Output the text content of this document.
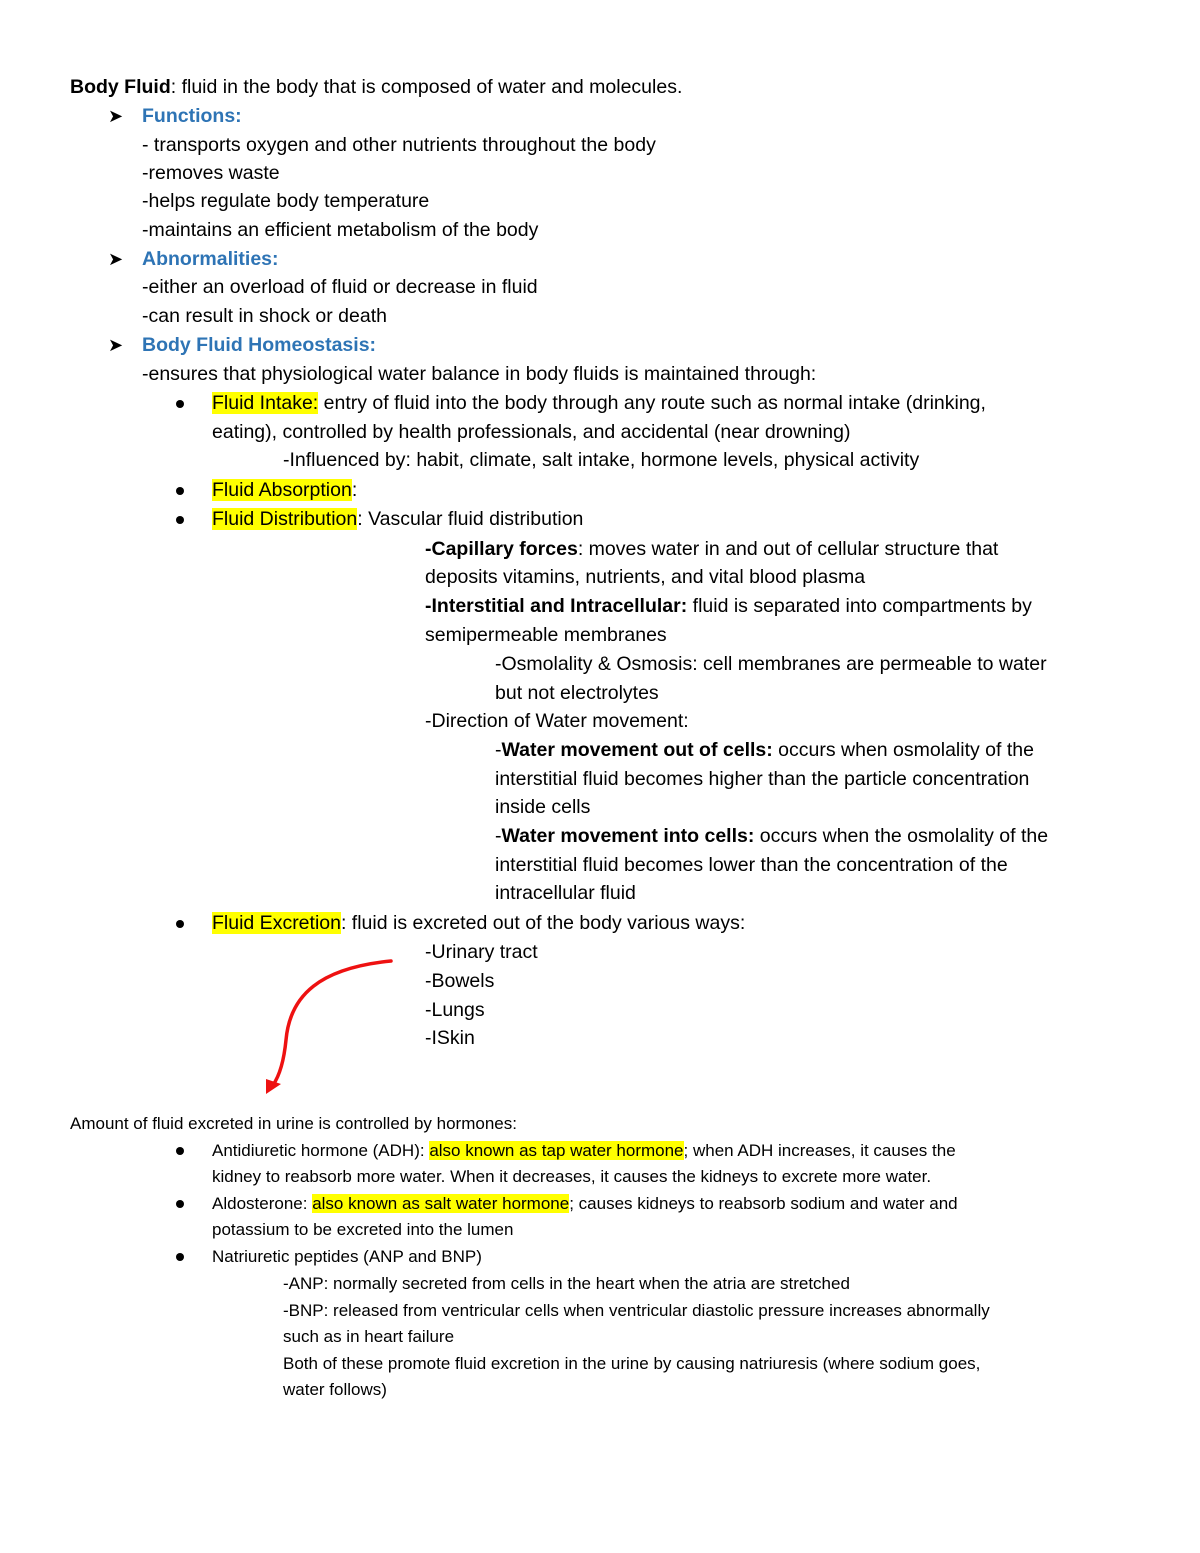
Body Fluid: fluid in the body that is composed of water and molecules.
➤ Functions:
- transports oxygen and other nutrients throughout the body
-removes waste
-helps regulate body temperature
-maintains an efficient metabolism of the body
➤ Abnormalities:
-either an overload of fluid or decrease in fluid
-can result in shock or death
➤ Body Fluid Homeostasis:
-ensures that physiological water balance in body fluids is maintained through:
Fluid Intake: entry of fluid into the body through any route such as normal intake (drinking,
eating), controlled by health professionals, and accidental (near drowning)
-Influenced by: habit, climate, salt intake, hormone levels, physical activity
Fluid Absorption:
Fluid Distribution: Vascular fluid distribution
-Capillary forces: moves water in and out of cellular structure that
deposits vitamins, nutrients, and vital blood plasma
-Interstitial and Intracellular: fluid is separated into compartments by
semipermeable membranes
-Osmolality & Osmosis: cell membranes are permeable to water
but not electrolytes
-Direction of Water movement:
-Water movement out of cells: occurs when osmolality of the
interstitial fluid becomes higher than the particle concentration
inside cells
-Water movement into cells: occurs when the osmolality of the
interstitial fluid becomes lower than the concentration of the
intracellular fluid
Fluid Excretion: fluid is excreted out of the body various ways:
-Urinary tract
-Bowels
-Lungs
-ISkin
Amount of fluid excreted in urine is controlled by hormones:
Antidiuretic hormone (ADH): also known as tap water hormone; when ADH increases, it causes the
kidney to reabsorb more water. When it decreases, it causes the kidneys to excrete more water.
Aldosterone: also known as salt water hormone; causes kidneys to reabsorb sodium and water and
potassium to be excreted into the lumen
Natriuretic peptides (ANP and BNP)
-ANP: normally secreted from cells in the heart when the atria are stretched
-BNP: released from ventricular cells when ventricular diastolic pressure increases abnormally
such as in heart failure
Both of these promote fluid excretion in the urine by causing natriuresis (where sodium goes,
water follows)
